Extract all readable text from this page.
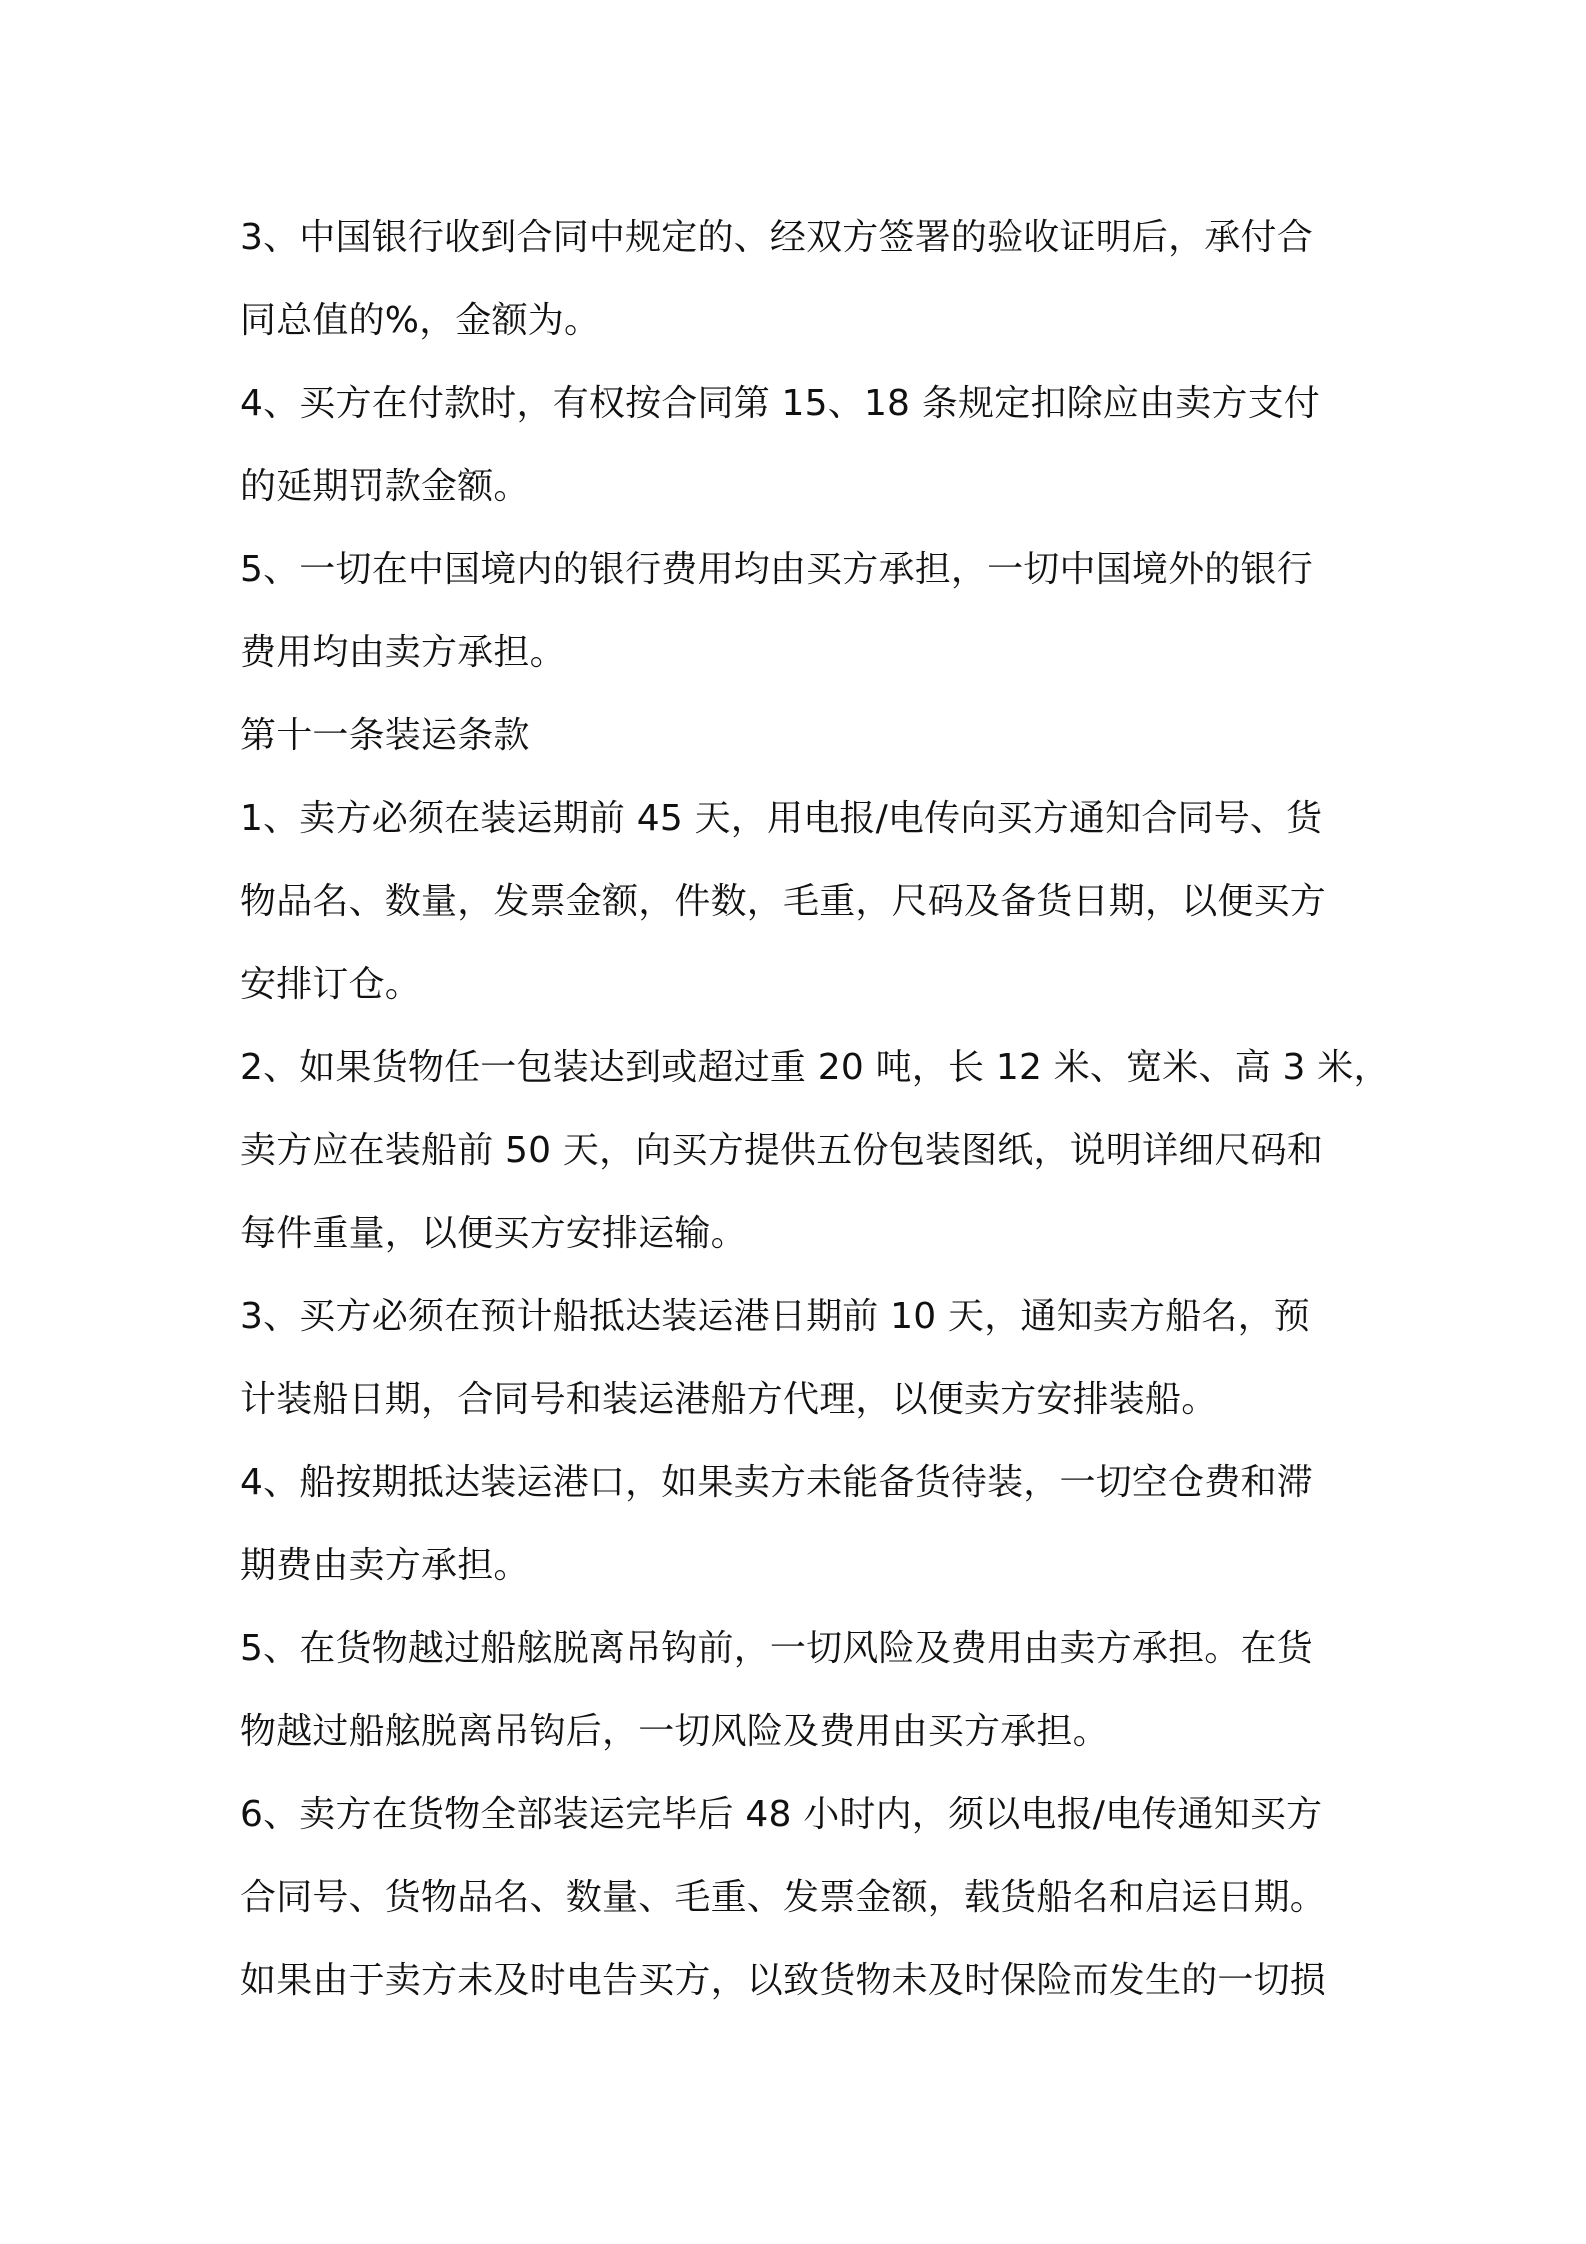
3、中国银行收到合同中规定的、经双方签署的验收证明后，承付合
同总值的%，金额为。
4、买方在付款时，有权按合同第 15、18 条规定扣除应由卖方支付
的延期罚款金额。
5、一切在中国境内的银行费用均由买方承担，一切中国境外的银行
费用均由卖方承担。
第十一条装运条款
1、卖方必须在装运期前 45 天，用电报/电传向买方通知合同号、货
物品名、数量，发票金额，件数，毛重，尺码及备货日期，以便买方
安排订仓。
2、如果货物任一包装达到或超过重 20 吨，长 12 米、宽米、高 3 米，
卖方应在装船前 50 天，向买方提供五份包装图纸，说明详细尺码和
每件重量，以便买方安排运输。
3、买方必须在预计船抵达装运港日期前 10 天，通知卖方船名，预
计装船日期，合同号和装运港船方代理，以便卖方安排装船。
4、船按期抵达装运港口，如果卖方未能备货待装，一切空仓费和滞
期费由卖方承担。
5、在货物越过船舷脱离吊钩前，一切风险及费用由卖方承担。在货
物越过船舷脱离吊钩后，一切风险及费用由买方承担。
6、卖方在货物全部装运完毕后 48 小时内，须以电报/电传通知买方
合同号、货物品名、数量、毛重、发票金额，载货船名和启运日期。
如果由于卖方未及时电告买方，以致货物未及时保险而发生的一切损
